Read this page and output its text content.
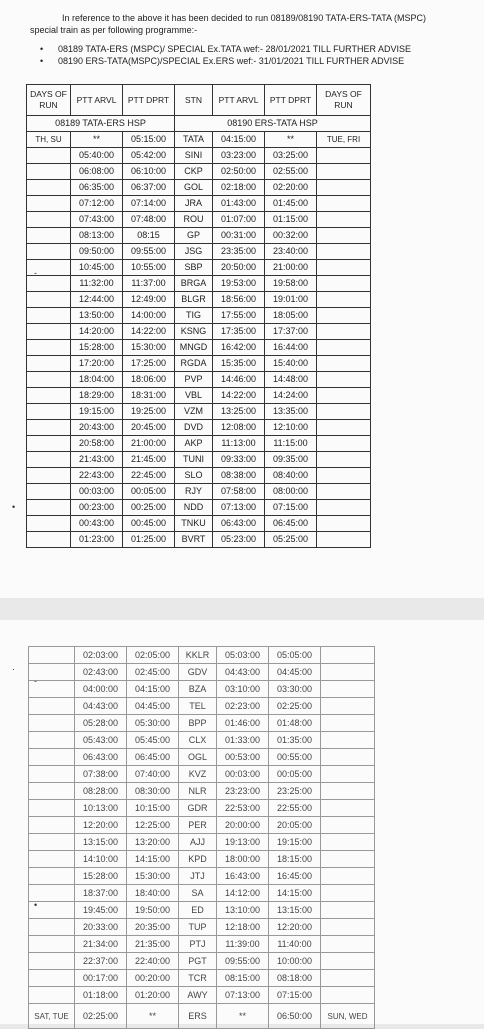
In reference to the above it has been decided to run 08189/08190 TATA-ERS-TATA (MSPC)
special train as per following programme:-
• 08189 TATA-ERS (MSPC)/ SPECIAL Ex.TATA wef:- 28/01/2021 TILL FURTHER ADVISE
• 08190 ERS-TATA(MSPC)/SPECIAL Ex.ERS wef:- 31/01/2021 TILL FURTHER ADVISE
DAYS OF RUN	PTT ARVL	PTT DPRT	STN	PTT ARVL	PTT DPRT	DAYS OF RUN
08189 TATA-ERS HSP			08190 ERS-TATA HSP			
TH, SU	**	05:15:00	TATA	04:15:00	**	TUE, FRI
	05:40:00	05:42:00	SINI	03:23:00	03:25:00	
	06:08:00	06:10:00	CKP	02:50:00	02:55:00	
	06:35:00	06:37:00	GOL	02:18:00	02:20:00	
	07:12:00	07:14:00	JRA	01:43:00	01:45:00	
	07:43:00	07:48:00	ROU	01:07:00	01:15:00	
	08:13:00	08:15	GP	00:31:00	00:32:00	
	09:50:00	09:55:00	JSG	23:35:00	23:40:00	
	10:45:00	10:55:00	SBP	20:50:00	21:00:00	
	11:32:00	11:37:00	BRGA	19:53:00	19:58:00	
	12:44:00	12:49:00	BLGR	18:56:00	19:01:00	
	13:50:00	14:00:00	TIG	17:55:00	18:05:00	
	14:20:00	14:22:00	KSNG	17:35:00	17:37:00	
	15:28:00	15:30:00	MNGD	16:42:00	16:44:00	
	17:20:00	17:25:00	RGDA	15:35:00	15:40:00	
	18:04:00	18:06:00	PVP	14:46:00	14:48:00	
	18:29:00	18:31:00	VBL	14:22:00	14:24:00	
	19:15:00	19:25:00	VZM	13:25:00	13:35:00	
	20:43:00	20:45:00	DVD	12:08:00	12:10:00	
	20:58:00	21:00:00	AKP	11:13:00	11:15:00	
	21:43:00	21:45:00	TUNI	09:33:00	09:35:00	
	22:43:00	22:45:00	SLO	08:38:00	08:40:00	
	00:03:00	00:05:00	RJY	07:58:00	08:00:00	
	00:23:00	00:25:00	NDD	07:13:00	07:15:00	
	00:43:00	00:45:00	TNKU	06:43:00	06:45:00	
	01:23:00	01:25:00	BVRT	05:23:00	05:25:00	
-
•
·
-
•
	02:03:00	02:05:00	KKLR	05:03:00	05:05:00	
	02:43:00	02:45:00	GDV	04:43:00	04:45:00	
	04:00:00	04:15:00	BZA	03:10:00	03:30:00	
	04:43:00	04:45:00	TEL	02:23:00	02:25:00	
	05:28:00	05:30:00	BPP	01:46:00	01:48:00	
	05:43:00	05:45:00	CLX	01:33:00	01:35:00	
	06:43:00	06:45:00	OGL	00:53:00	00:55:00	
	07:38:00	07:40:00	KVZ	00:03:00	00:05:00	
	08:28:00	08:30:00	NLR	23:23:00	23:25:00	
	10:13:00	10:15:00	GDR	22:53:00	22:55:00	
	12:20:00	12:25:00	PER	20:00:00	20:05:00	
	13:15:00	13:20:00	AJJ	19:13:00	19:15:00	
	14:10:00	14:15:00	KPD	18:00:00	18:15:00	
	15:28:00	15:30:00	JTJ	16:43:00	16:45:00	
	18:37:00	18:40:00	SA	14:12:00	14:15:00	
	19:45:00	19:50:00	ED	13:10:00	13:15:00	
	20:33:00	20:35:00	TUP	12:18:00	12:20:00	
	21:34:00	21:35:00	PTJ	11:39:00	11:40:00	
	22:37:00	22:40:00	PGT	09:55:00	10:00:00	
	00:17:00	00:20:00	TCR	08:15:00	08:18:00	
	01:18:00	01:20:00	AWY	07:13:00	07:15:00	
SAT, TUE	02:25:00	**	ERS	**	06:50:00	SUN, WED
